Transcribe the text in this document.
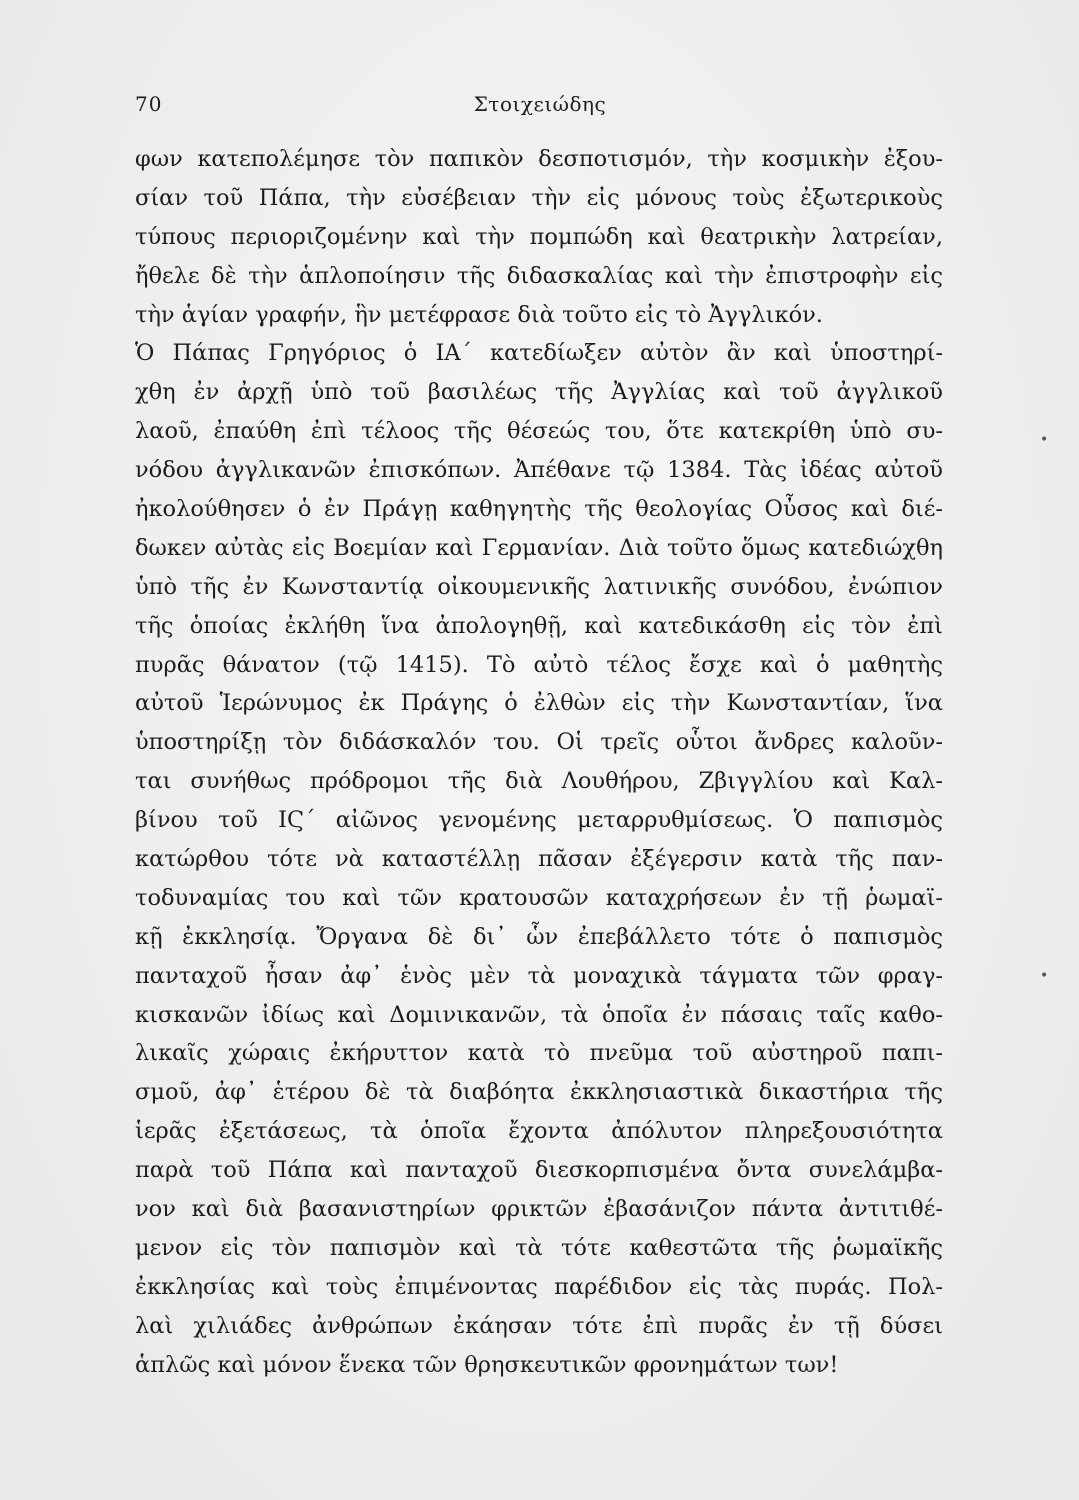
70	Στοιχειώδης
φων κατεπολέμησε τὸν παπικὸν δεσποτισμόν, τὴν κοσμικὴν ἐξου-
σίαν τοῦ Πάπα, τὴν εὐσέβειαν τὴν εἰς μόνους τοὺς ἐξωτερικοὺς
τύπους περιοριζομένην καὶ τὴν πομπώδη καὶ θεατρικὴν λατρείαν,
ἤθελε δὲ τὴν ἁπλοποίησιν τῆς διδασκαλίας καὶ τὴν ἐπιστροφὴν εἰς
τὴν ἁγίαν γραφήν, ἣν μετέφρασε διὰ τοῦτο εἰς τὸ Ἀγγλικόν.
Ὁ Πάπας Γρηγόριος ὁ ΙΑ΄ κατεδίωξεν αὐτὸν ἂν καὶ ὑποστηρί-
χθη ἐν ἀρχῇ ὑπὸ τοῦ βασιλέως τῆς Ἀγγλίας καὶ τοῦ ἀγγλικοῦ
λαοῦ, ἐπαύθη ἐπὶ τέλοος τῆς θέσεώς του, ὅτε κατεκρίθη ὑπὸ συ-
νόδου ἀγγλικανῶν ἐπισκόπων. Ἀπέθανε τῷ 1384. Τὰς ἰδέας αὐτοῦ
ἠκολούθησεν ὁ ἐν Πράγῃ καθηγητὴς τῆς θεολογίας Οὖσος καὶ διέ-
δωκεν αὐτὰς εἰς Βοεμίαν καὶ Γερμανίαν. Διὰ τοῦτο ὅμως κατεδιώχθη
ὑπὸ τῆς ἐν Κωνσταντίᾳ οἰκουμενικῆς λατινικῆς συνόδου, ἐνώπιον
τῆς ὁποίας ἐκλήθη ἵνα ἀπολογηθῇ, καὶ κατεδικάσθη εἰς τὸν ἐπὶ
πυρᾶς θάνατον (τῷ 1415). Τὸ αὐτὸ τέλος ἔσχε καὶ ὁ μαθητὴς
αὐτοῦ Ἱερώνυμος ἐκ Πράγης ὁ ἐλθὼν εἰς τὴν Κωνσταντίαν, ἵνα
ὑποστηρίξῃ τὸν διδάσκαλόν του. Οἱ τρεῖς οὗτοι ἄνδρες καλοῦν-
ται συνήθως πρόδρομοι τῆς διὰ Λουθήρου, Ζβιγγλίου καὶ Καλ-
βίνου τοῦ ΙϚ΄ αἰῶνος γενομένης μεταρρυθμίσεως. Ὁ παπισμὸς
κατώρθου τότε νὰ καταστέλλῃ πᾶσαν ἐξέγερσιν κατὰ τῆς παν-
τοδυναμίας του καὶ τῶν κρατουσῶν καταχρήσεων ἐν τῇ ῥωμαϊ-
κῇ ἐκκλησίᾳ. Ὄργανα δὲ δι᾿ ὧν ἐπεβάλλετο τότε ὁ παπισμὸς
πανταχοῦ ἦσαν ἀφ᾿ ἑνὸς μὲν τὰ μοναχικὰ τάγματα τῶν φραγ-
κισκανῶν ἰδίως καὶ Δομινικανῶν, τὰ ὁποῖα ἐν πάσαις ταῖς καθο-
λικαῖς χώραις ἐκήρυττον κατὰ τὸ πνεῦμα τοῦ αὐστηροῦ παπι-
σμοῦ, ἀφ᾿ ἑτέρου δὲ τὰ διαβόητα ἐκκλησιαστικὰ δικαστήρια τῆς
ἱερᾶς ἐξετάσεως, τὰ ὁποῖα ἔχοντα ἀπόλυτον πληρεξουσιότητα
παρὰ τοῦ Πάπα καὶ πανταχοῦ διεσκορπισμένα ὄντα συνελάμβα-
νον καὶ διὰ βασανιστηρίων φρικτῶν ἐβασάνιζον πάντα ἀντιτιθέ-
μενον εἰς τὸν παπισμὸν καὶ τὰ τότε καθεστῶτα τῆς ῥωμαϊκῆς
ἐκκλησίας καὶ τοὺς ἐπιμένοντας παρέδιδον εἰς τὰς πυράς. Πολ-
λαὶ χιλιάδες ἀνθρώπων ἐκάησαν τότε ἐπὶ πυρᾶς ἐν τῇ δύσει
ἁπλῶς καὶ μόνον ἕνεκα τῶν θρησκευτικῶν φρονημάτων των!
•
•
